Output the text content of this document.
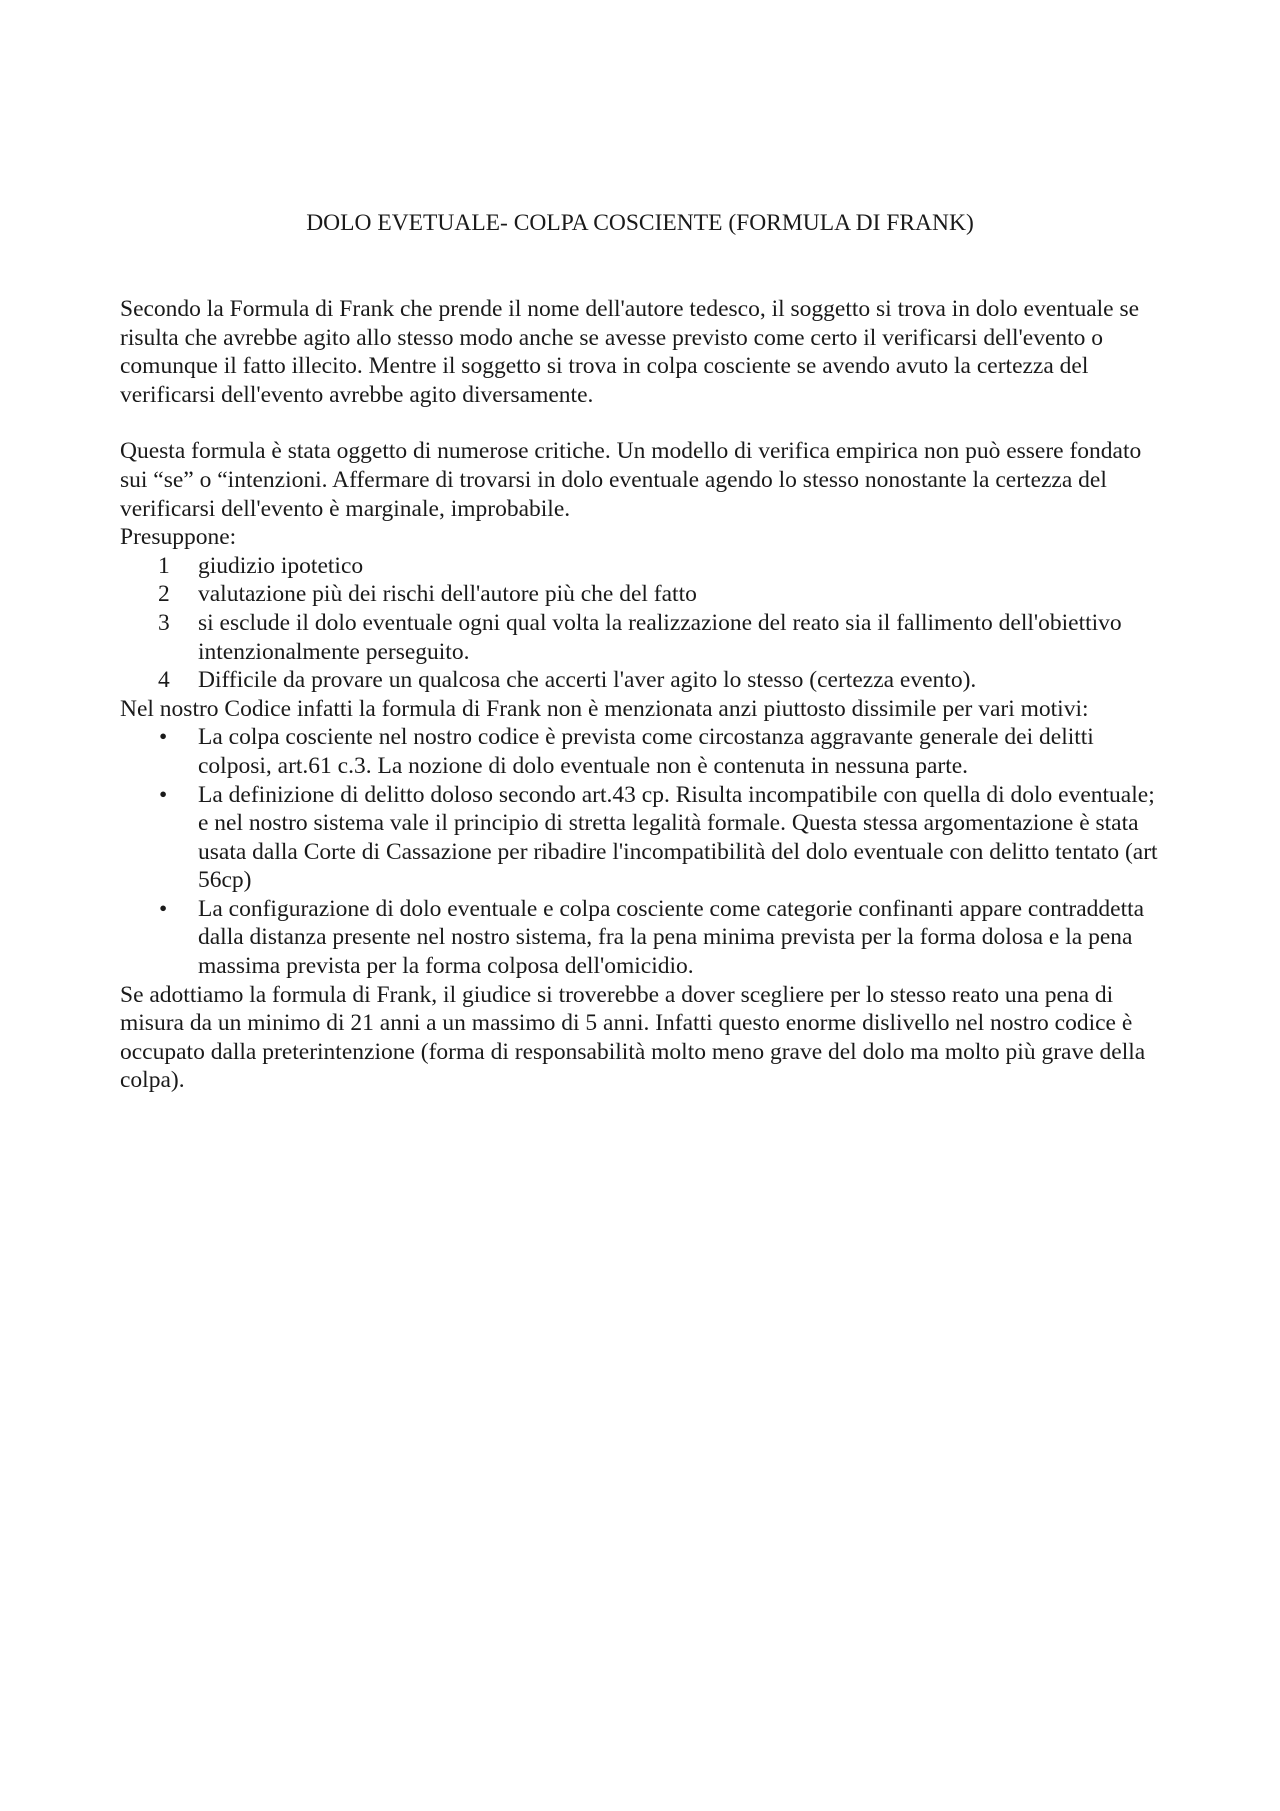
DOLO EVETUALE- COLPA COSCIENTE (FORMULA DI FRANK)

Secondo la Formula di Frank che prende il nome dell'autore tedesco, il soggetto si trova in dolo eventuale se risulta che avrebbe agito allo stesso modo anche se avesse previsto come certo il verificarsi dell'evento o comunque il fatto illecito. Mentre il soggetto si trova in colpa cosciente se avendo avuto la certezza del verificarsi dell'evento avrebbe agito diversamente.

Questa formula è stata oggetto di numerose critiche. Un modello di verifica empirica non può essere fondato sui “se” o “intenzioni. Affermare di trovarsi in dolo eventuale agendo lo stesso nonostante la certezza del verificarsi dell'evento è marginale, improbabile.

Presuppone:

1 giudizio ipotetico
2 valutazione più dei rischi dell'autore più che del fatto
3 si esclude il dolo eventuale ogni qual volta la realizzazione del reato sia il fallimento dell'obiettivo intenzionalmente perseguito.
4 Difficile da provare un qualcosa che accerti l'aver agito lo stesso (certezza evento).

Nel nostro Codice infatti la formula di Frank non è menzionata anzi piuttosto dissimile per vari motivi:

• La colpa cosciente nel nostro codice è prevista come circostanza aggravante generale dei delitti colposi, art.61 c.3. La nozione di dolo eventuale non è contenuta in nessuna parte.
• La definizione di delitto doloso secondo art.43 cp. Risulta incompatibile con quella di dolo eventuale; e nel nostro sistema vale il principio di stretta legalità formale. Questa stessa argomentazione è stata usata dalla Corte di Cassazione per ribadire l'incompatibilità del dolo eventuale con delitto tentato (art 56cp)
• La configurazione di dolo eventuale e colpa cosciente come categorie confinanti appare contraddetta dalla distanza presente nel nostro sistema, fra la pena minima prevista per la forma dolosa e la pena massima prevista per la forma colposa dell'omicidio.

Se adottiamo la formula di Frank, il giudice si troverebbe a dover scegliere per lo stesso reato una pena di misura da un minimo di 21 anni a un massimo di 5 anni. Infatti questo enorme dislivello nel nostro codice è occupato dalla preterintenzione (forma di responsabilità molto meno grave del dolo ma molto più grave della colpa).
